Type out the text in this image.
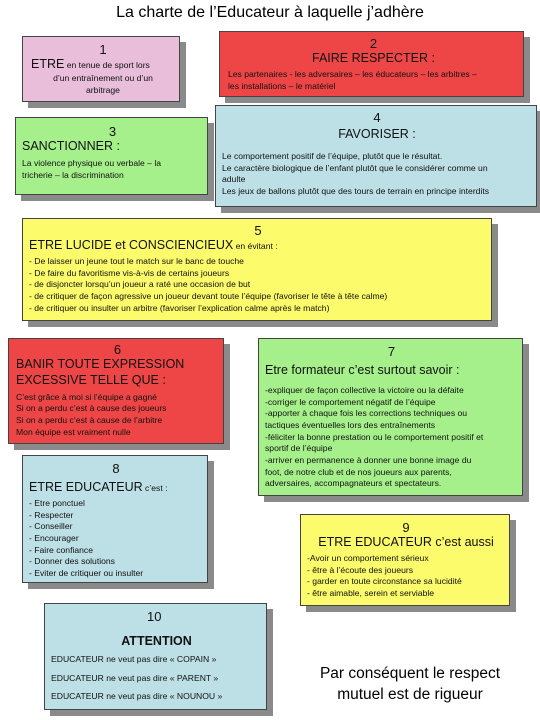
La charte de l’Educateur à laquelle j’adhère
1
ETRE en tenue de sport lors
d’un entraînement ou d’un
arbitrage
2
FAIRE RESPECTER :
Les partenaires - les adversaires – les éducateurs – les arbitres –
les installations – le matériel
3
SANCTIONNER :
La violence physique ou verbale – la
tricherie – la discrimination
4
FAVORISER :
Le comportement positif de l’équipe, plutôt que le résultat.
Le caractère biologique de l’enfant plutôt que le considérer comme un
adulte
Les jeux de ballons plutôt que des tours de terrain en principe interdits
5
ETRE LUCIDE et CONSCIENCIEUX en évitant :
- De laisser un jeune tout le match sur le banc de touche
- De faire du favoritisme vis-à-vis de certains joueurs
- de disjoncter lorsqu’un joueur a raté une occasion de but
- de critiquer de façon agressive un joueur devant toute l’équipe (favoriser le tête à tête calme)
- de critiquer ou insulter un arbitre (favoriser l’explication calme après le match)
6
BANIR TOUTE EXPRESSION EXCESSIVE TELLE QUE :
C’est grâce à moi si l’équipe a gagné
Si on a perdu c’est à cause des joueurs
Si on a perdu c’est à cause de l’arbitre
Mon équipe est vraiment nulle
7
Etre formateur c’est surtout savoir :
-expliquer de façon collective la victoire ou la défaite
-corriger le comportement négatif de l’équipe
-apporter à chaque fois les corrections techniques ou
tactiques éventuelles lors des entraînements
-féliciter la bonne prestation ou le comportement positif et
sportif de l’équipe
-arriver en permanence à donner une bonne image du
foot, de notre club et de nos joueurs aux parents,
adversaires, accompagnateurs et spectateurs.
8
ETRE EDUCATEUR c’est :
- Etre ponctuel
- Respecter
- Conseiller
- Encourager
- Faire confiance
- Donner des solutions
- Eviter de critiquer ou insulter
9
ETRE EDUCATEUR c’est aussi
-Avoir un comportement sérieux
- être à l’écoute des joueurs
- garder en toute circonstance sa lucidité
- être aimable, serein et serviable
10
ATTENTION
EDUCATEUR ne veut pas dire « COPAIN »
EDUCATEUR ne veut pas dire « PARENT »
EDUCATEUR ne veut pas dire « NOUNOU »
Par conséquent le respect
mutuel est de rigueur
